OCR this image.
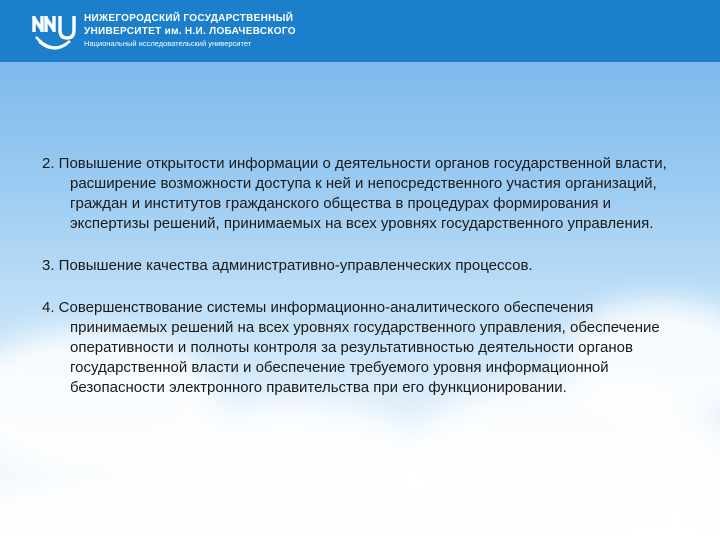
НИЖЕГОРОДСКИЙ ГОСУДАРСТВЕННЫЙ
УНИВЕРСИТЕТ им. Н.И. ЛОБАЧЕВСКОГО
Национальный исследовательский университет

2. Повышение открытости информации о деятельности органов государственной власти, расширение возможности доступа к ней и непосредственного участия организаций, граждан и институтов гражданского общества в процедурах формирования и экспертизы решений, принимаемых на всех уровнях государственного управления.

3. Повышение качества административно-управленческих процессов.

4. Совершенствование системы информационно-аналитического обеспечения принимаемых решений на всех уровнях государственного управления, обеспечение оперативности и полноты контроля за результативностью деятельности органов государственной власти и обеспечение требуемого уровня информационной безопасности электронного правительства при его функционировании.
